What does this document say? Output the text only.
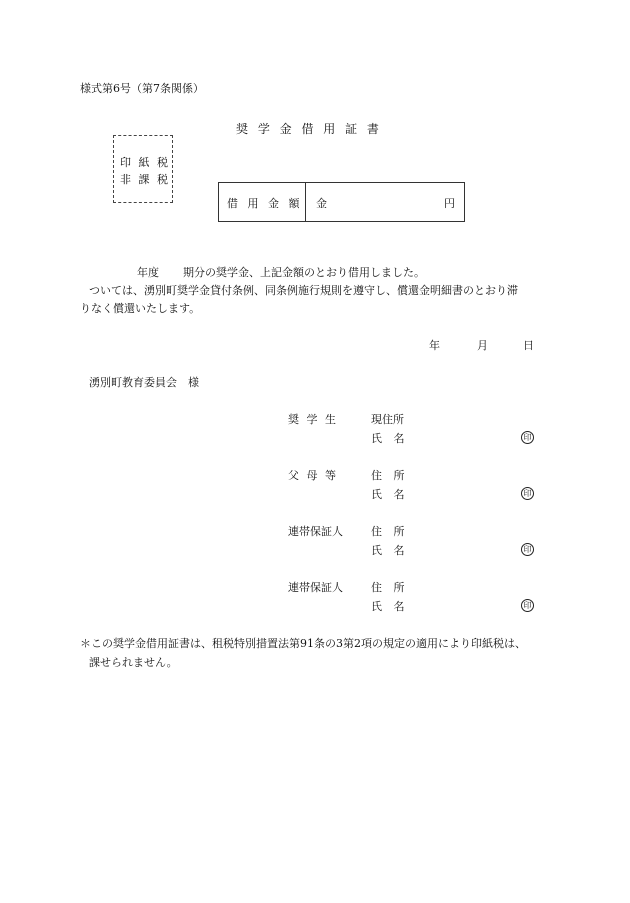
様式第6号（第7条関係）
奨 学 金 借 用 証 書
印 紙 税
非 課 税
借 用 金 額 金	円
年度 期分の奨学金、上記金額のとおり借用しました。
ついては、湧別町奨学金貸付条例、同条例施行規則を遵守し、償還金明細書のとおり滞
りなく償還いたします。
年	月	日
湧別町教育委員会　様
奨 学 生	現住所
氏 名	印
父 母 等	住 所
氏 名	印
連帯保証人	住 所
氏 名	印
連帯保証人	住 所
氏 名	印
＊この奨学金借用証書は、租税特別措置法第91条の3第2項の規定の適用により印紙税は、
課せられません。
